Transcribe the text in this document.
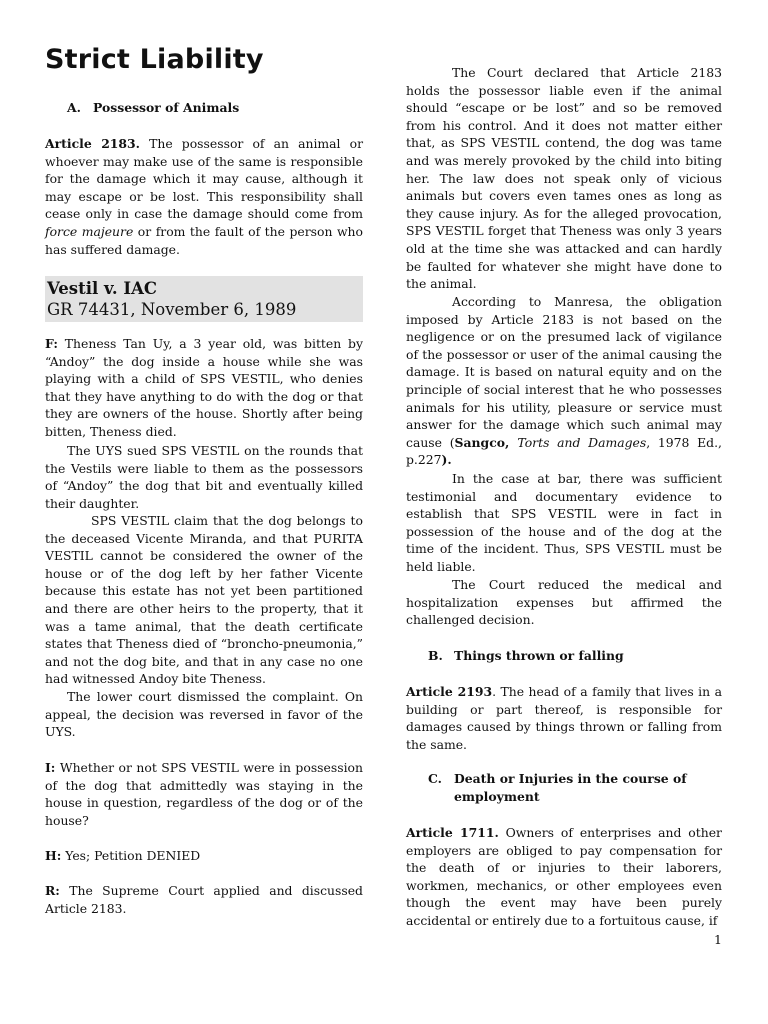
Strict Liability
A. Possessor of Animals

Article 2183. The possessor of an animal or whoever may make use of the same is responsible for the damage which it may cause, although it may escape or be lost. This responsibility shall cease only in case the damage should come from force majeure or from the fault of the person who has suffered damage.

Vestil v. IAC
GR 74431, November 6, 1989

F: Theness Tan Uy, a 3 year old, was bitten by “Andoy” the dog inside a house while she was playing with a child of SPS VESTIL, who denies that they have anything to do with the dog or that they are owners of the house. Shortly after being bitten, Theness died.

The UYS sued SPS VESTIL on the rounds that the Vestils were liable to them as the possessors of “Andoy” the dog that bit and eventually killed their daughter.

SPS VESTIL claim that the dog belongs to the deceased Vicente Miranda, and that PURITA VESTIL cannot be considered the owner of the house or of the dog left by her father Vicente because this estate has not yet been partitioned and there are other heirs to the property, that it was a tame animal, that the death certificate states that Theness died of “broncho-pneumonia,” and not the dog bite, and that in any case no one had witnessed Andoy bite Theness.

The lower court dismissed the complaint. On appeal, the decision was reversed in favor of the UYS.

I: Whether or not SPS VESTIL were in possession of the dog that admittedly was staying in the house in question, regardless of the dog or of the house?

H: Yes; Petition DENIED

R: The Supreme Court applied and discussed Article 2183.

The Court declared that Article 2183 holds the possessor liable even if the animal should “escape or be lost” and so be removed from his control. And it does not matter either that, as SPS VESTIL contend, the dog was tame and was merely provoked by the child into biting her. The law does not speak only of vicious animals but covers even tames ones as long as they cause injury. As for the alleged provocation, SPS VESTIL forget that Theness was only 3 years old at the time she was attacked and can hardly be faulted for whatever she might have done to the animal.

According to Manresa, the obligation imposed by Article 2183 is not based on the negligence or on the presumed lack of vigilance of the possessor or user of the animal causing the damage. It is based on natural equity and on the principle of social interest that he who possesses animals for his utility, pleasure or service must answer for the damage which such animal may cause (Sangco, Torts and Damages, 1978 Ed., p.227).

In the case at bar, there was sufficient testimonial and documentary evidence to establish that SPS VESTIL were in fact in possession of the house and of the dog at the time of the incident. Thus, SPS VESTIL must be held liable.

The Court reduced the medical and hospitalization expenses but affirmed the challenged decision.

B. Things thrown or falling

Article 2193. The head of a family that lives in a building or part thereof, is responsible for damages caused by things thrown or falling from the same.

C. Death or Injuries in the course of employment

Article 1711. Owners of enterprises and other employers are obliged to pay compensation for the death of or injuries to their laborers, workmen, mechanics, or other employees even though the event may have been purely accidental or entirely due to a fortuitous cause, if

1
